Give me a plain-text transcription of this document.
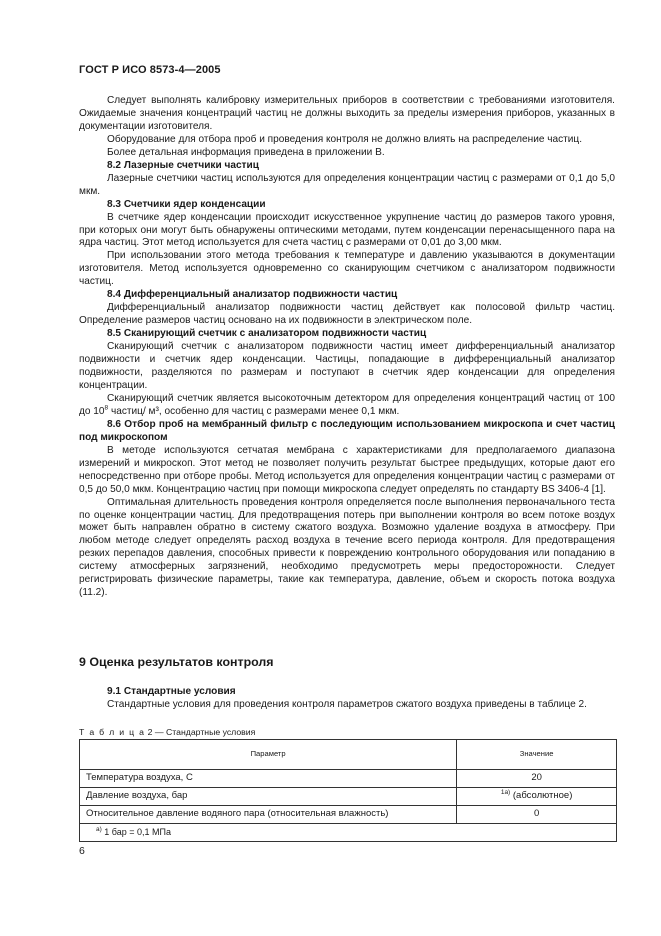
ГОСТ Р ИСО 8573-4—2005

Следует выполнять калибровку измерительных приборов в соответствии с требованиями изготовителя. Ожидаемые значения концентраций частиц не должны выходить за пределы измерения приборов, указанных в документации изготовителя.

Оборудование для отбора проб и проведения контроля не должно влиять на распределение частиц.

Более детальная информация приведена в приложении В.

8.2 Лазерные счетчики частиц

Лазерные счетчики частиц используются для определения концентрации частиц с размерами от 0,1 до 5,0 мкм.

8.3 Счетчики ядер конденсации

В счетчике ядер конденсации происходит искусственное укрупнение частиц до размеров такого уровня, при которых они могут быть обнаружены оптическими методами, путем конденсации перенасыщенного пара на ядра частиц. Этот метод используется для счета частиц с размерами от 0,01 до 3,00 мкм.

При использовании этого метода требования к температуре и давлению указываются в документации изготовителя. Метод используется одновременно со сканирующим счетчиком с анализатором подвижности частиц.

8.4 Дифференциальный анализатор подвижности частиц

Дифференциальный анализатор подвижности частиц действует как полосовой фильтр частиц. Определение размеров частиц основано на их подвижности в электрическом поле.

8.5 Сканирующий счетчик с анализатором подвижности частиц

Сканирующий счетчик с анализатором подвижности частиц имеет дифференциальный анализатор подвижности и счетчик ядер конденсации. Частицы, попадающие в дифференциальный анализатор подвижности, разделяются по размерам и поступают в счетчик ядер конденсации для определения концентрации.

Сканирующий счетчик является высокоточным детектором для определения концентраций частиц от 100 до $10^8$ частиц/ м³, особенно для частиц с размерами менее 0,1 мкм.

8.6 Отбор проб на мембранный фильтр с последующим использованием микроскопа и счет частиц под микроскопом

В методе используются сетчатая мембрана с характеристиками для предполагаемого диапазона измерений и микроскоп. Этот метод не позволяет получить результат быстрее предыдущих, которые дают его непосредственно при отборе пробы. Метод используется для определения концентрации частиц с размерами от 0,5 до 50,0 мкм. Концентрацию частиц при помощи микроскопа следует определять по стандарту BS 3406-4 [1].

Оптимальная длительность проведения контроля определяется после выполнения первоначального теста по оценке концентрации частиц. Для предотвращения потерь при выполнении контроля во всем потоке воздух может быть направлен обратно в систему сжатого воздуха. Возможно удаление воздуха в атмосферу. При любом методе следует определять расход воздуха в течение всего периода контроля. Для предотвращения резких перепадов давления, способных привести к повреждению контрольного оборудования или попаданию в систему атмосферных загрязнений, необходимо предусмотреть меры предосторожности. Следует регистрировать физические параметры, такие как температура, давление, объем и скорость потока воздуха (11.2).

9 Оценка результатов контроля

9.1 Стандартные условия

Стандартные условия для проведения контроля параметров сжатого воздуха приведены в таблице 2.

Т а б л и ц а 2 — Стандартные условия
Параметр	Значение
Температура воздуха, С	20
Давление воздуха, бар	$^{1а)}$ (абсолютное)
Относительное давление водяного пара (относительная влажность)	0
$^{а)}$ 1 бар = 0,1 МПа	
6
